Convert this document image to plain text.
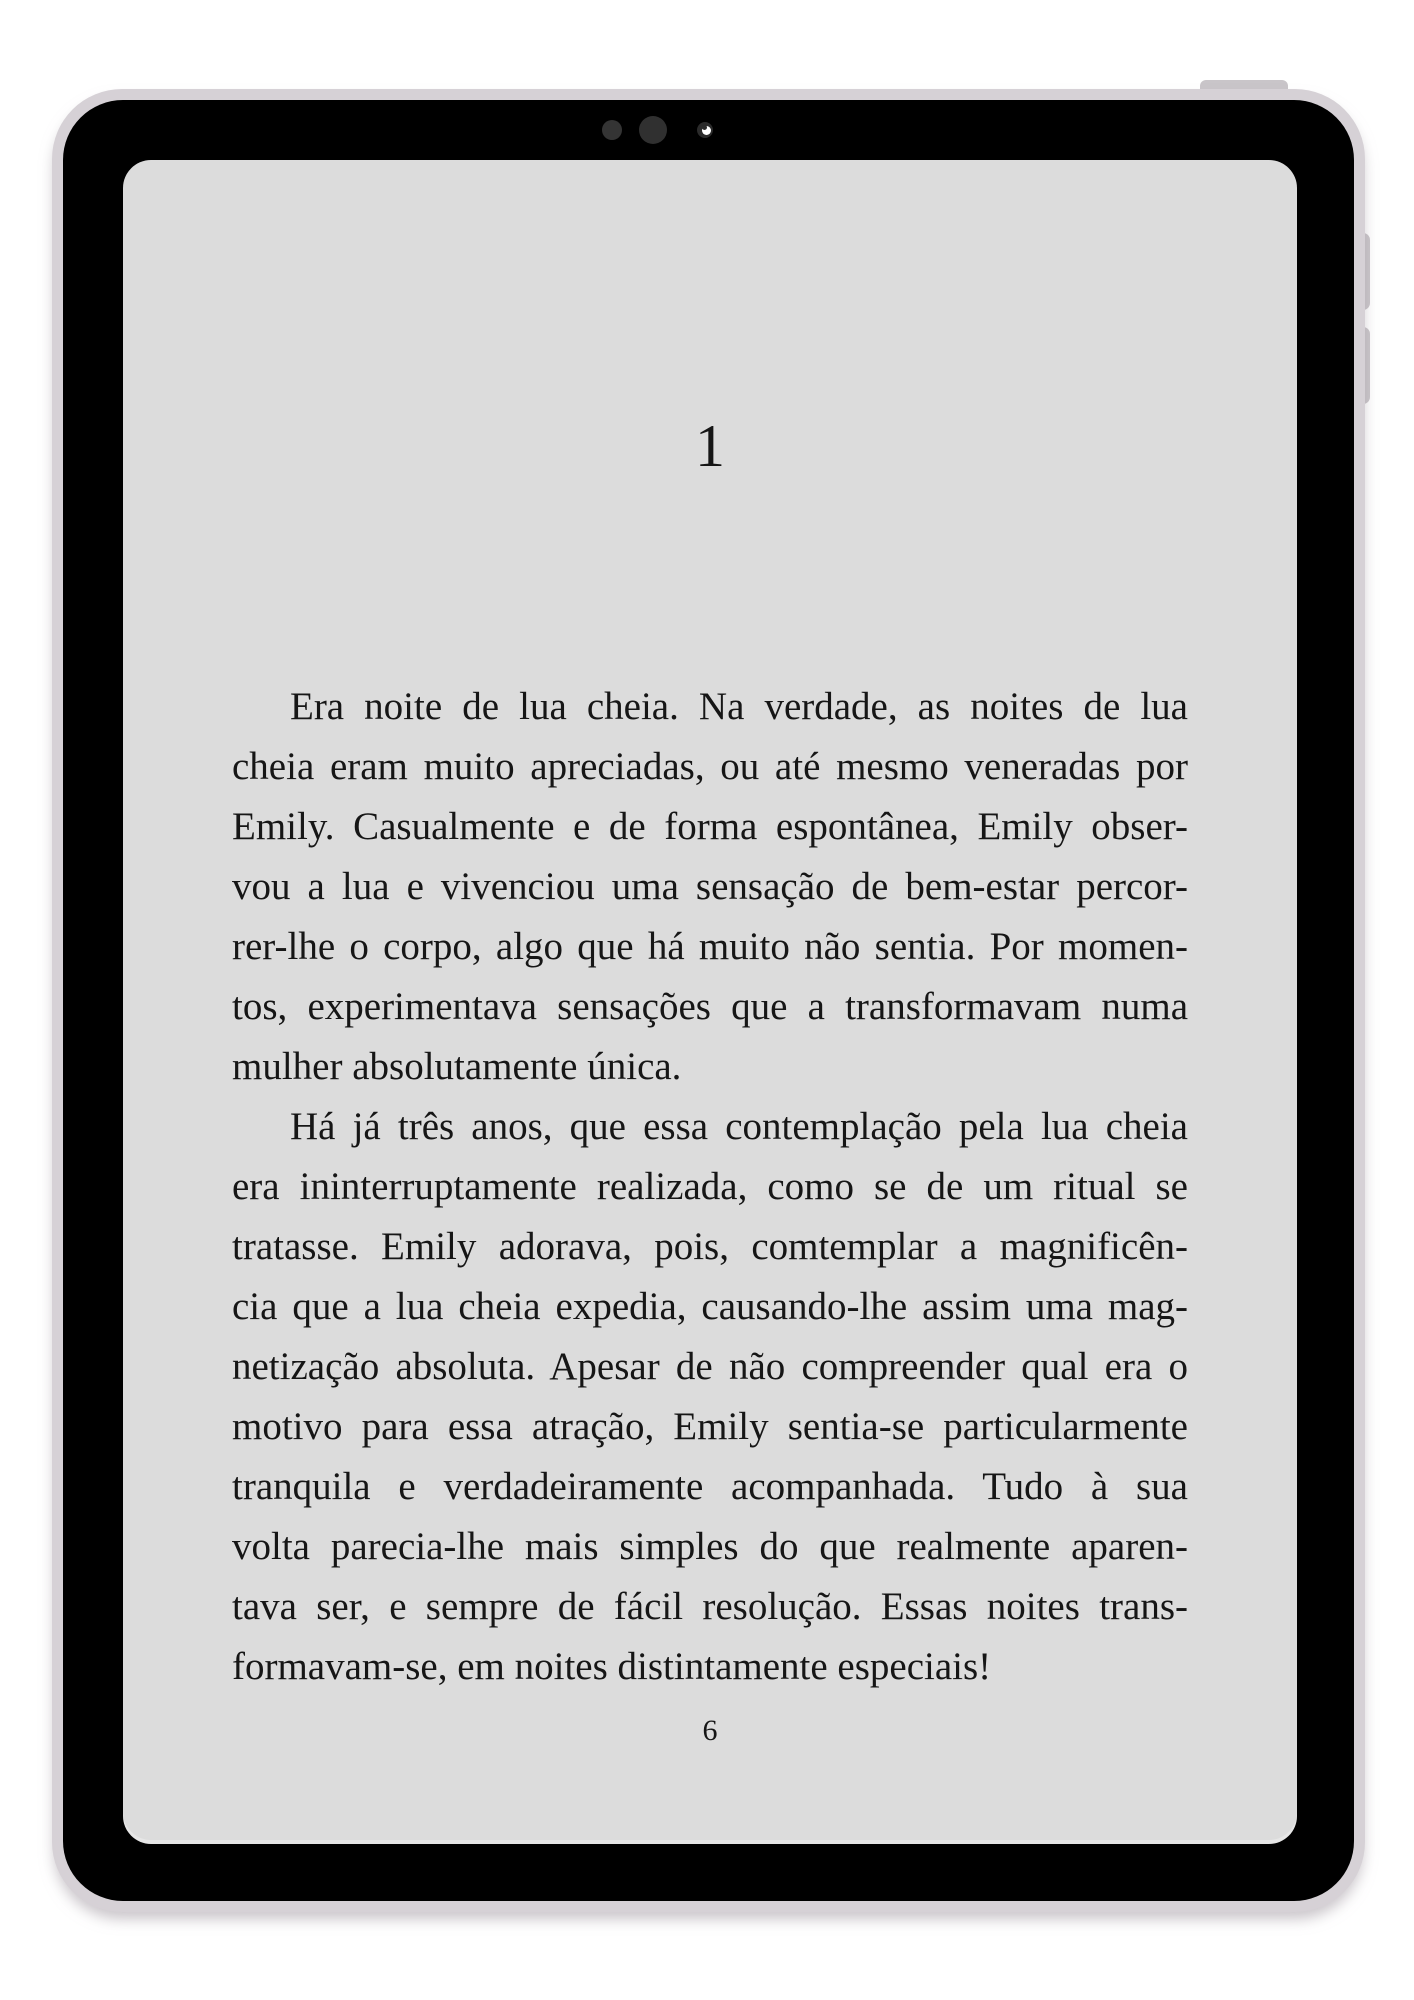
1
Era noite de lua cheia. Na verdade, as noites de lua
cheia eram muito apreciadas, ou até mesmo veneradas por
Emily. Casualmente e de forma espontânea, Emily obser-
vou a lua e vivenciou uma sensação de bem-estar percor-
rer-lhe o corpo, algo que há muito não sentia. Por momen-
tos, experimentava sensações que a transformavam numa
mulher absolutamente única.
Há já três anos, que essa contemplação pela lua cheia
era ininterruptamente realizada, como se de um ritual se
tratasse. Emily adorava, pois, comtemplar a magnificên-
cia que a lua cheia expedia, causando-lhe assim uma mag-
netização absoluta. Apesar de não compreender qual era o
motivo para essa atração, Emily sentia-se particularmente
tranquila e verdadeiramente acompanhada. Tudo à sua
volta parecia-lhe mais simples do que realmente aparen-
tava ser, e sempre de fácil resolução. Essas noites trans-
formavam-se, em noites distintamente especiais!
6
